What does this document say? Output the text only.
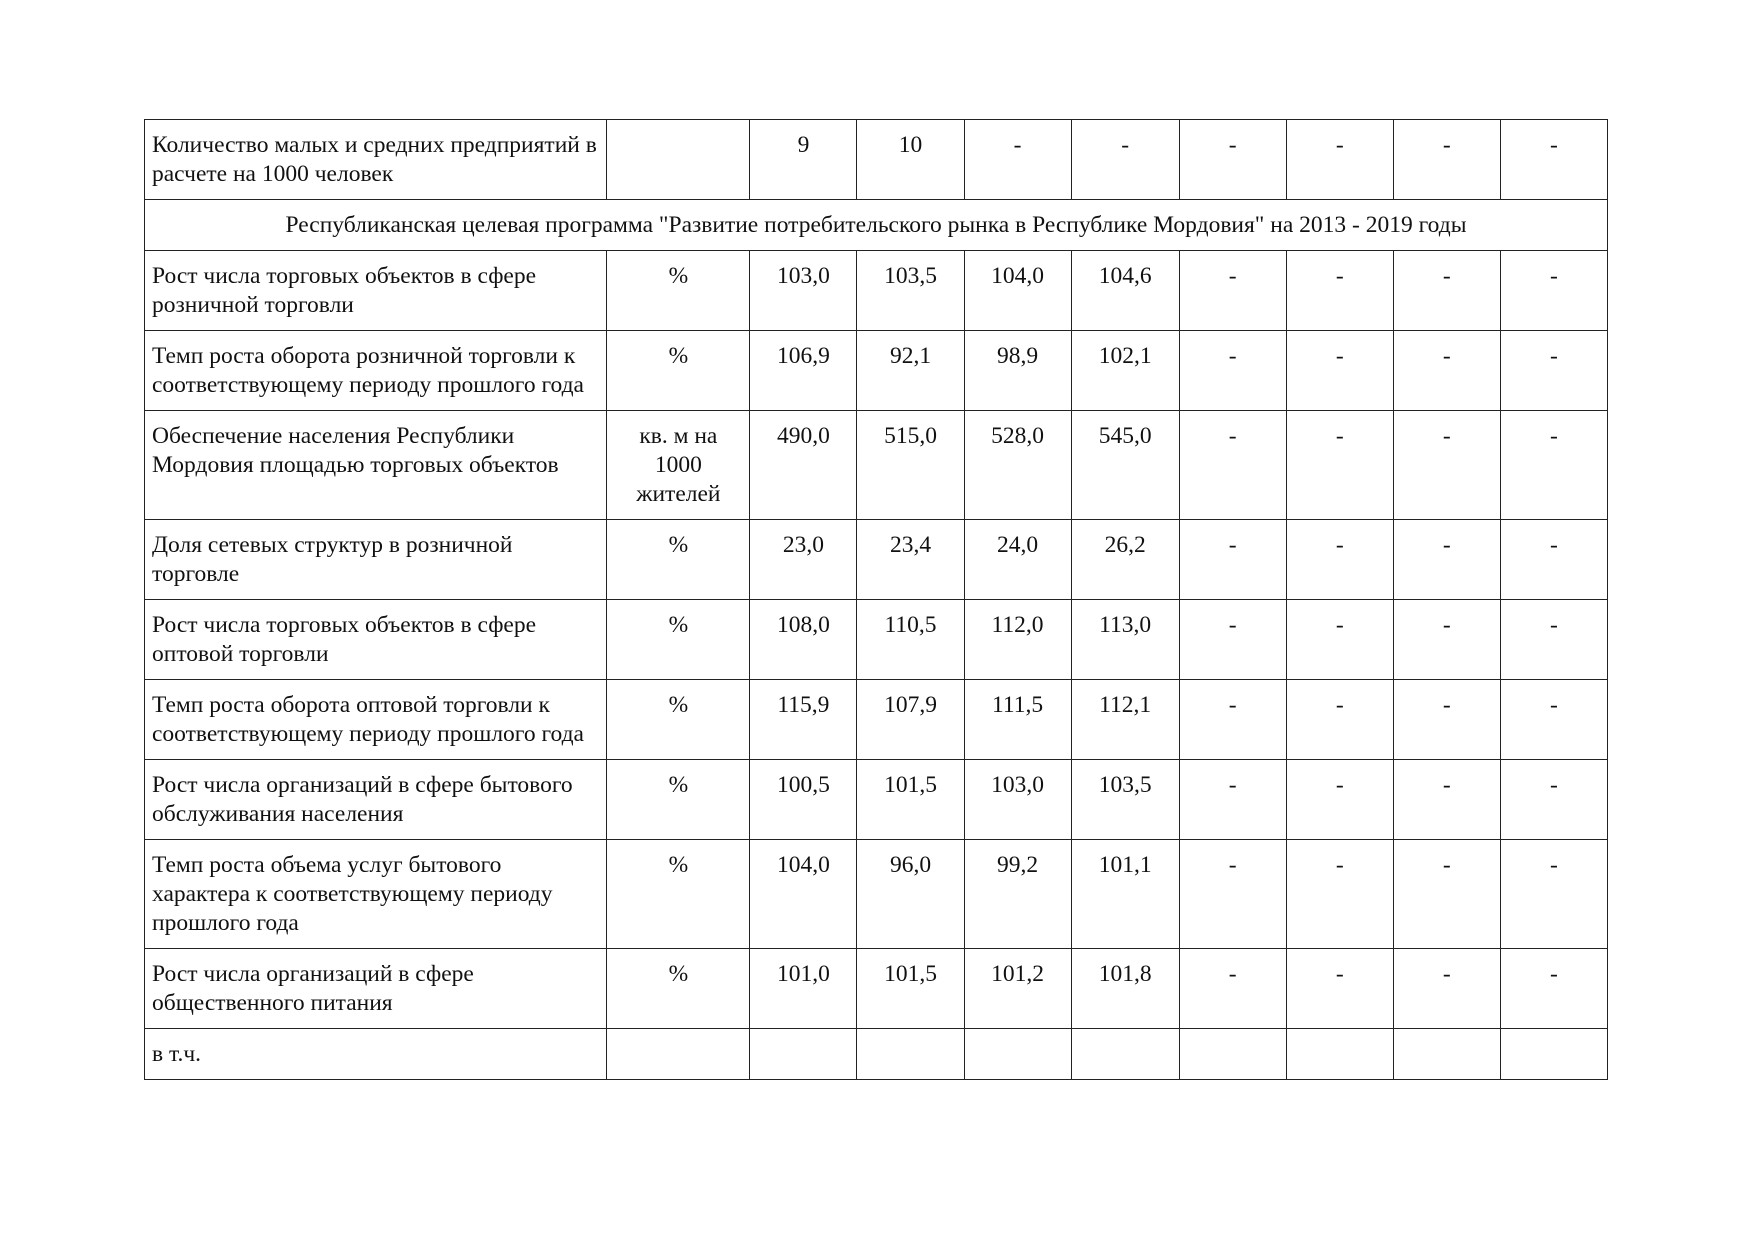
Количество малых и средних предприятий в расчете на 1000 человек		9	10	-	-	-	-	-	-
Республиканская целевая программа "Развитие потребительского рынка в Республике Мордовия" на 2013 - 2019 годы									
Рост числа торговых объектов в сфере розничной торговли	%	103,0	103,5	104,0	104,6	-	-	-	-
Темп роста оборота розничной торговли к соответствующему периоду прошлого года	%	106,9	92,1	98,9	102,1	-	-	-	-
Обеспечение населения Республики Мордовия площадью торговых объектов	кв. м на 1000 жителей	490,0	515,0	528,0	545,0	-	-	-	-
Доля сетевых структур в розничной торговле	%	23,0	23,4	24,0	26,2	-	-	-	-
Рост числа торговых объектов в сфере оптовой торговли	%	108,0	110,5	112,0	113,0	-	-	-	-
Темп роста оборота оптовой торговли к соответствующему периоду прошлого года	%	115,9	107,9	111,5	112,1	-	-	-	-
Рост числа организаций в сфере бытового обслуживания населения	%	100,5	101,5	103,0	103,5	-	-	-	-
Темп роста объема услуг бытового характера к соответствующему периоду прошлого года	%	104,0	96,0	99,2	101,1	-	-	-	-
Рост числа организаций в сфере общественного питания	%	101,0	101,5	101,2	101,8	-	-	-	-
в т.ч.									
